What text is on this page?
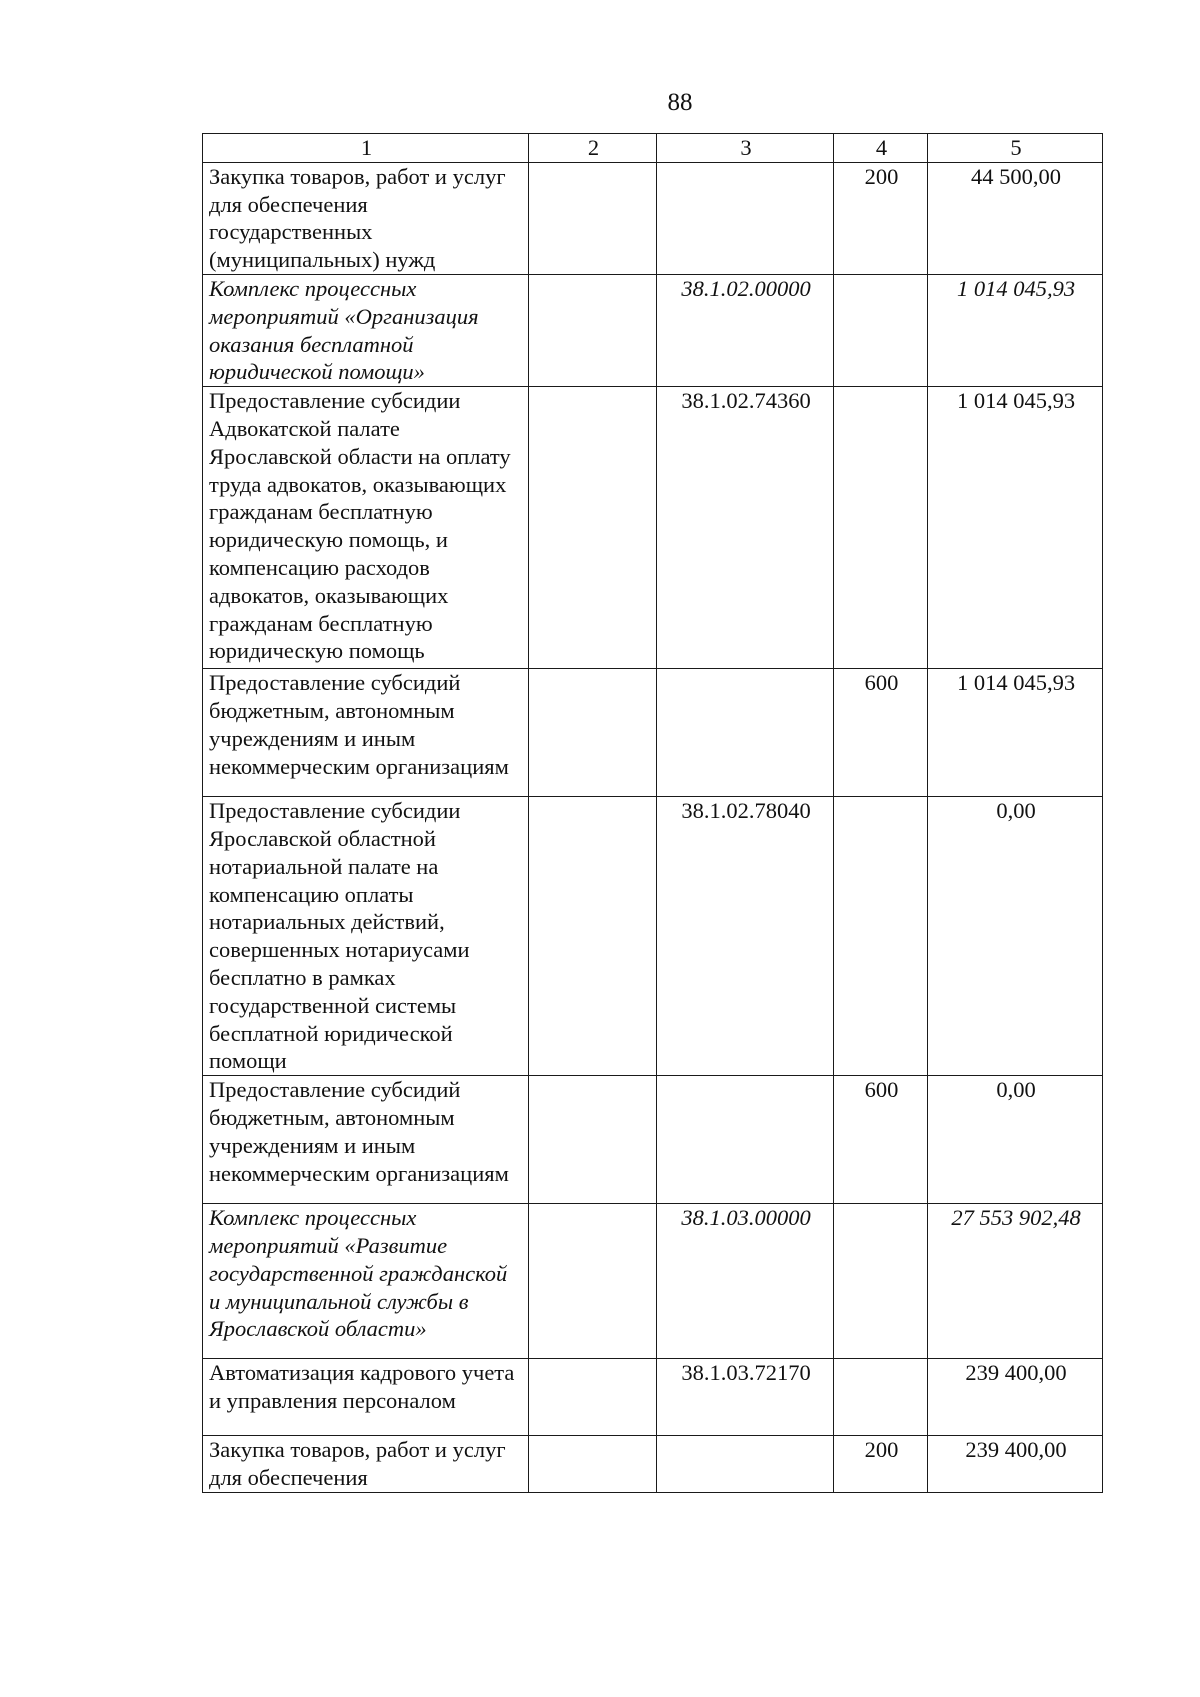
88
1	2	3	4	5
Закупка товаров, работ и услуг для обеспечения государственных (муниципальных) нужд			200	44 500,00
Комплекс процессных мероприятий «Организация оказания бесплатной юридической помощи»		38.1.02.00000		1 014 045,93
Предоставление субсидии Адвокатской палате Ярославской области на оплату труда адвокатов, оказывающих гражданам бесплатную юридическую помощь, и компенсацию расходов адвокатов, оказывающих гражданам бесплатную юридическую помощь		38.1.02.74360		1 014 045,93
Предоставление субсидий бюджетным, автономным учреждениям и иным некоммерческим организациям			600	1 014 045,93
Предоставление субсидии Ярославской областной нотариальной палате на компенсацию оплаты нотариальных действий, совершенных нотариусами бесплатно в рамках государственной системы бесплатной юридической помощи		38.1.02.78040		0,00
Предоставление субсидий бюджетным, автономным учреждениям и иным некоммерческим организациям			600	0,00
Комплекс процессных мероприятий «Развитие государственной гражданской и муниципальной службы в Ярославской области»		38.1.03.00000		27 553 902,48
Автоматизация кадрового учета и управления персоналом		38.1.03.72170		239 400,00
Закупка товаров, работ и услуг для обеспечения			200	239 400,00
